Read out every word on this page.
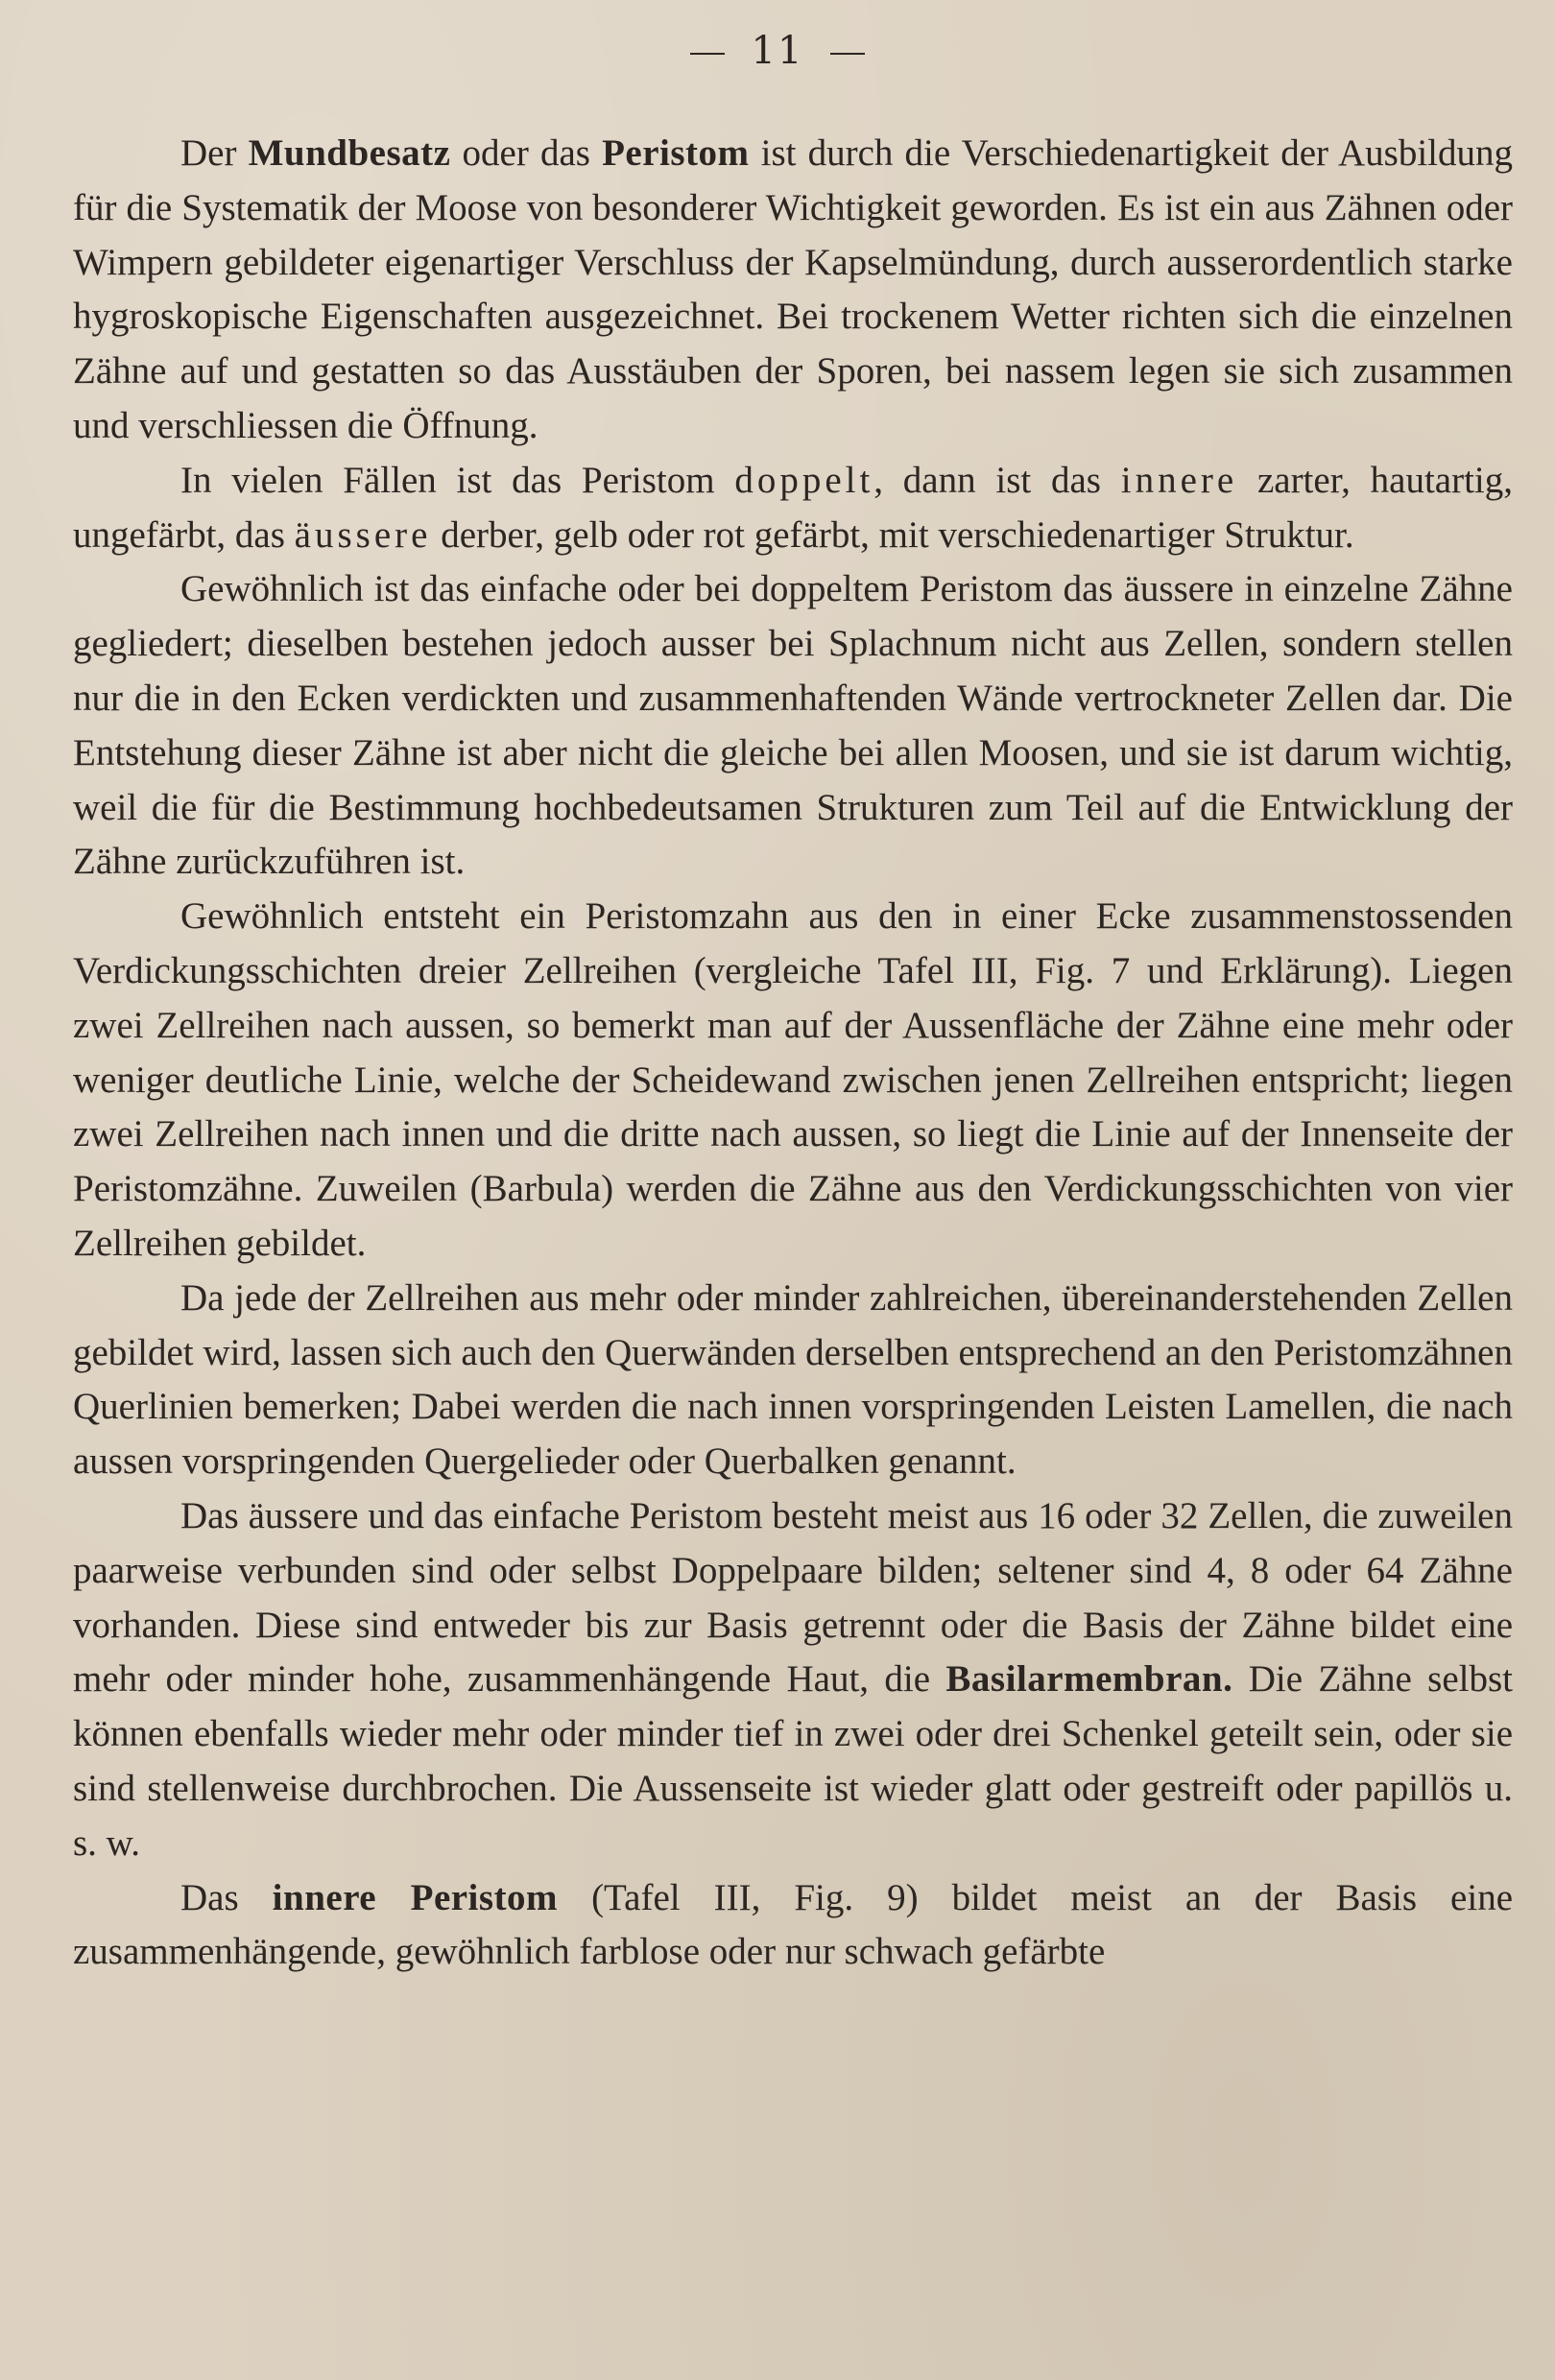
11

Der Mundbesatz oder das Peristom ist durch die Verschiedenartigkeit der Ausbildung für die Systematik der Moose von besonderer Wichtigkeit geworden. Es ist ein aus Zähnen oder Wimpern gebildeter eigenartiger Verschluss der Kapselmündung, durch ausserordentlich starke hygroskopische Eigenschaften ausgezeichnet. Bei trockenem Wetter richten sich die einzelnen Zähne auf und gestatten so das Ausstäuben der Sporen, bei nassem legen sie sich zusammen und verschliessen die Öffnung.

In vielen Fällen ist das Peristom doppelt, dann ist das innere zarter, hautartig, ungefärbt, das äussere derber, gelb oder rot gefärbt, mit verschiedenartiger Struktur.

Gewöhnlich ist das einfache oder bei doppeltem Peristom das äussere in einzelne Zähne gegliedert; dieselben bestehen jedoch ausser bei Splachnum nicht aus Zellen, sondern stellen nur die in den Ecken verdickten und zusammenhaftenden Wände vertrockneter Zellen dar. Die Entstehung dieser Zähne ist aber nicht die gleiche bei allen Moosen, und sie ist darum wichtig, weil die für die Bestimmung hochbedeutsamen Strukturen zum Teil auf die Entwicklung der Zähne zurückzuführen ist.

Gewöhnlich entsteht ein Peristomzahn aus den in einer Ecke zusammenstossenden Verdickungsschichten dreier Zellreihen (vergleiche Tafel III, Fig. 7 und Erklärung). Liegen zwei Zellreihen nach aussen, so bemerkt man auf der Aussenfläche der Zähne eine mehr oder weniger deutliche Linie, welche der Scheidewand zwischen jenen Zellreihen entspricht; liegen zwei Zellreihen nach innen und die dritte nach aussen, so liegt die Linie auf der Innenseite der Peristomzähne. Zuweilen (Barbula) werden die Zähne aus den Verdickungsschichten von vier Zellreihen gebildet.

Da jede der Zellreihen aus mehr oder minder zahlreichen, übereinanderstehenden Zellen gebildet wird, lassen sich auch den Querwänden derselben entsprechend an den Peristomzähnen Querlinien bemerken; Dabei werden die nach innen vorspringenden Leisten Lamellen, die nach aussen vorspringenden Quergelieder oder Querbalken genannt.

Das äussere und das einfache Peristom besteht meist aus 16 oder 32 Zellen, die zuweilen paarweise verbunden sind oder selbst Doppelpaare bilden; seltener sind 4, 8 oder 64 Zähne vorhanden. Diese sind entweder bis zur Basis getrennt oder die Basis der Zähne bildet eine mehr oder minder hohe, zusammenhängende Haut, die Basilarmembran. Die Zähne selbst können ebenfalls wieder mehr oder minder tief in zwei oder drei Schenkel geteilt sein, oder sie sind stellenweise durchbrochen. Die Aussenseite ist wieder glatt oder gestreift oder papillös u. s. w.

Das innere Peristom (Tafel III, Fig. 9) bildet meist an der Basis eine zusammenhängende, gewöhnlich farblose oder nur schwach gefärbte
